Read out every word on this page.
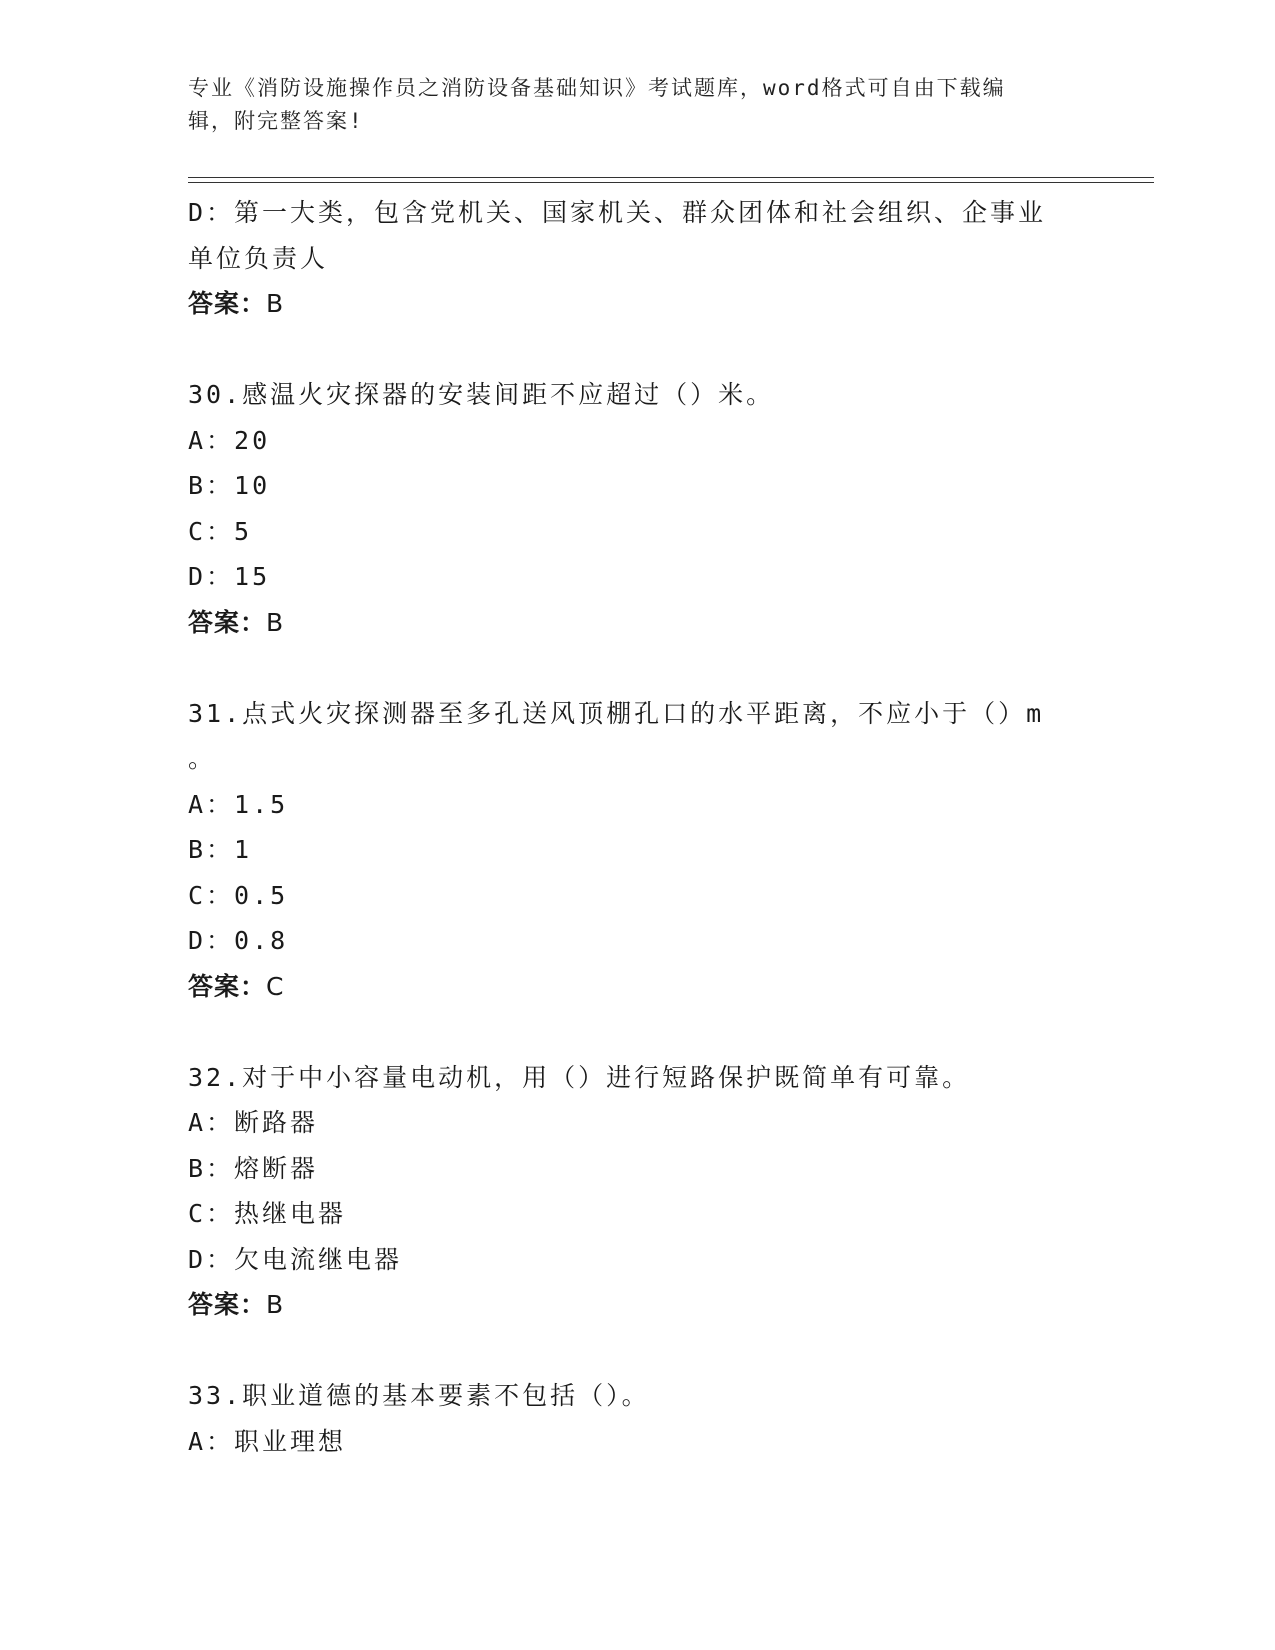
专业《消防设施操作员之消防设备基础知识》考试题库，word格式可自由下载编
辑，附完整答案!
D：第一大类，包含党机关、国家机关、群众团体和社会组织、企事业
单位负责人
答案：B
30.感温火灾探器的安装间距不应超过（）米。
A：20
B：10
C：5
D：15
答案：B
31.点式火灾探测器至多孔送风顶棚孔口的水平距离，不应小于（）m
。
A：1.5
B：1
C：0.5
D：0.8
答案：C
32.对于中小容量电动机，用（）进行短路保护既简单有可靠。
A：断路器
B：熔断器
C：热继电器
D：欠电流继电器
答案：B
33.职业道德的基本要素不包括（）。
A：职业理想
